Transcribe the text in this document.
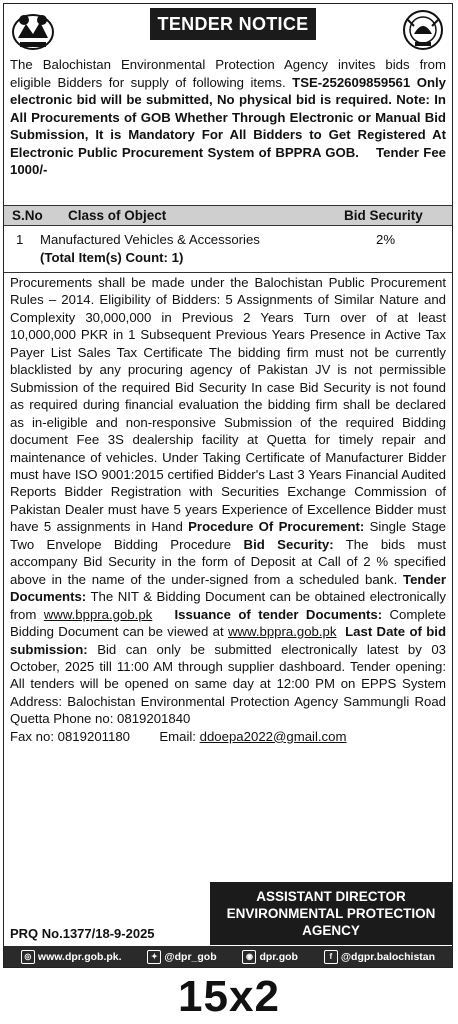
TENDER NOTICE

The Balochistan Environmental Protection Agency invites bids from eligible Bidders for supply of following items. TSE-252609859561 Only electronic bid will be submitted, No physical bid is required. Note: In All Procurements of GOB Whether Through Electronic or Manual Bid Submission, It is Mandatory For All Bidders to Get Registered At Electronic Public Procurement System of BPPRA GOB. Tender Fee 1000/-

S.No Class of Object	Bid Security
1 Manufactured Vehicles & Accessories	2%
(Total Item(s) Count: 1)

Procurements shall be made under the Balochistan Public Procurement Rules – 2014. Eligibility of Bidders: 5 Assignments of Similar Nature and Complexity 30,000,000 in Previous 2 Years Turn over of at least 10,000,000 PKR in 1 Subsequent Previous Years Presence in Active Tax Payer List Sales Tax Certificate The bidding firm must not be currently blacklisted by any procuring agency of Pakistan JV is not permissible Submission of the required Bid Security In case Bid Security is not found as required during financial evaluation the bidding firm shall be declared as in-eligible and non-responsive Submission of the required Bidding document Fee 3S dealership facility at Quetta for timely repair and maintenance of vehicles. Under Taking Certificate of Manufacturer Bidder must have ISO 9001:2015 certified Bidder's Last 3 Years Financial Audited Reports Bidder Registration with Securities Exchange Commission of Pakistan Dealer must have 5 years Experience of Excellence Bidder must have 5 assignments in Hand Procedure Of Procurement: Single Stage Two Envelope Bidding Procedure Bid Security: The bids must accompany Bid Security in the form of Deposit at Call of 2 % specified above in the name of the under-signed from a scheduled bank. Tender Documents: The NIT & Bidding Document can be obtained electronically from www.bppra.gob.pk Issuance of tender Documents: Complete Bidding Document can be viewed at www.bppra.gob.pk Last Date of bid submission: Bid can only be submitted electronically latest by 03 October, 2025 till 11:00 AM through supplier dashboard. Tender opening: All tenders will be opened on same day at 12:00 PM on EPPS System Address: Balochistan Environmental Protection Agency Sammungli Road Quetta Phone no: 0819201840
Fax no: 0819201180 Email: ddoepa2022@gmail.com

ASSISTANT DIRECTOR
ENVIRONMENTAL PROTECTION
AGENCY
PRQ No.1377/18-9-2025
◎ www.dpr.gob.pk.	✦ @dpr_gob	◉ dpr.gob	f @dgpr.balochistan
15x2
